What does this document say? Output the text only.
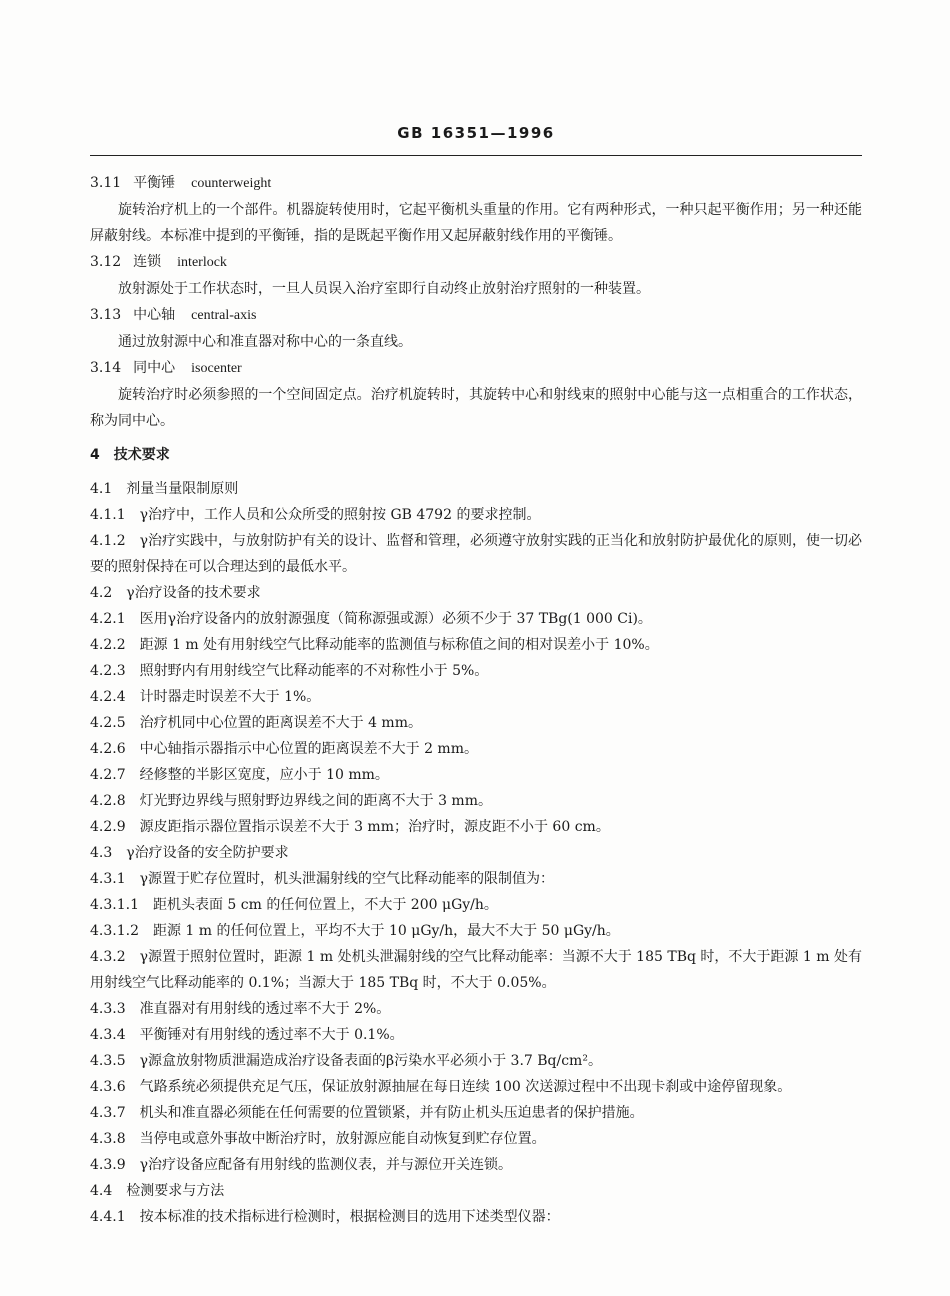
GB 16351—1996

3.11 平衡锤 counterweight

旋转治疗机上的一个部件。机器旋转使用时，它起平衡机头重量的作用。它有两种形式，一种只起平衡作用；另一种还能屏蔽射线。本标准中提到的平衡锤，指的是既起平衡作用又起屏蔽射线作用的平衡锤。

3.12 连锁 interlock

放射源处于工作状态时，一旦人员误入治疗室即行自动终止放射治疗照射的一种装置。

3.13 中心轴 central-axis

通过放射源中心和准直器对称中心的一条直线。

3.14 同中心 isocenter

旋转治疗时必须参照的一个空间固定点。治疗机旋转时，其旋转中心和射线束的照射中心能与这一点相重合的工作状态，称为同中心。

4 技术要求

4.1 剂量当量限制原则

4.1.1 γ治疗中，工作人员和公众所受的照射按 GB 4792 的要求控制。

4.1.2 γ治疗实践中，与放射防护有关的设计、监督和管理，必须遵守放射实践的正当化和放射防护最优化的原则，使一切必要的照射保持在可以合理达到的最低水平。

4.2 γ治疗设备的技术要求

4.2.1 医用γ治疗设备内的放射源强度（简称源强或源）必须不少于 37 TBg(1 000 Ci)。

4.2.2 距源 1 m 处有用射线空气比释动能率的监测值与标称值之间的相对误差小于 10%。

4.2.3 照射野内有用射线空气比释动能率的不对称性小于 5%。

4.2.4 计时器走时误差不大于 1%。

4.2.5 治疗机同中心位置的距离误差不大于 4 mm。

4.2.6 中心轴指示器指示中心位置的距离误差不大于 2 mm。

4.2.7 经修整的半影区宽度，应小于 10 mm。

4.2.8 灯光野边界线与照射野边界线之间的距离不大于 3 mm。

4.2.9 源皮距指示器位置指示误差不大于 3 mm；治疗时，源皮距不小于 60 cm。

4.3 γ治疗设备的安全防护要求

4.3.1 γ源置于贮存位置时，机头泄漏射线的空气比释动能率的限制值为：

4.3.1.1 距机头表面 5 cm 的任何位置上，不大于 200 μGy/h。

4.3.1.2 距源 1 m 的任何位置上，平均不大于 10 μGy/h，最大不大于 50 μGy/h。

4.3.2 γ源置于照射位置时，距源 1 m 处机头泄漏射线的空气比释动能率：当源不大于 185 TBq 时，不大于距源 1 m 处有用射线空气比释动能率的 0.1%；当源大于 185 TBq 时，不大于 0.05%。

4.3.3 准直器对有用射线的透过率不大于 2%。

4.3.4 平衡锤对有用射线的透过率不大于 0.1%。

4.3.5 γ源盒放射物质泄漏造成治疗设备表面的β污染水平必须小于 3.7 Bq/cm²。

4.3.6 气路系统必须提供充足气压，保证放射源抽屉在每日连续 100 次送源过程中不出现卡刹或中途停留现象。

4.3.7 机头和准直器必须能在任何需要的位置锁紧，并有防止机头压迫患者的保护措施。

4.3.8 当停电或意外事故中断治疗时，放射源应能自动恢复到贮存位置。

4.3.9 γ治疗设备应配备有用射线的监测仪表，并与源位开关连锁。

4.4 检测要求与方法

4.4.1 按本标准的技术指标进行检测时，根据检测目的选用下述类型仪器：
